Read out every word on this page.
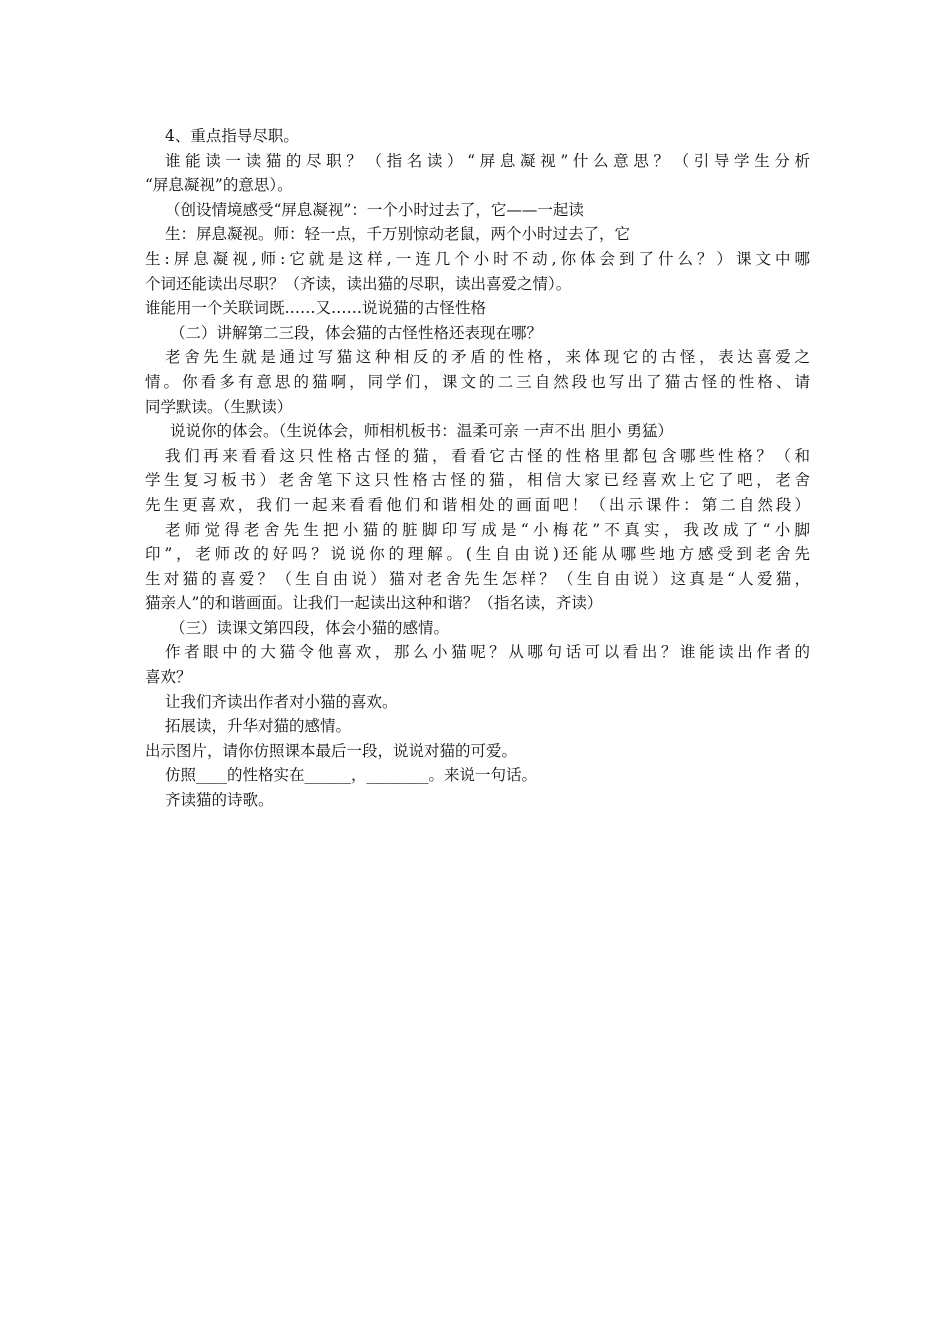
4、重点指导尽职。
谁能读一读猫的尽职？（指名读）“屏息凝视”什么意思？（引导学生分析
“屏息凝视”的意思）。
（创设情境感受“屏息凝视”：一个小时过去了，它——一起读
生：屏息凝视。师：轻一点，千万别惊动老鼠，两个小时过去了，它
生:屏息凝视,师:它就是这样,一连几个小时不动,你体会到了什么？）课文中哪
个词还能读出尽职？（齐读，读出猫的尽职，读出喜爱之情）。
谁能用一个关联词既……又……说说猫的古怪性格
（二）讲解第二三段，体会猫的古怪性格还表现在哪？
老舍先生就是通过写猫这种相反的矛盾的性格，来体现它的古怪，表达喜爱之
情。你看多有意思的猫啊，同学们，课文的二三自然段也写出了猫古怪的性格、请
同学默读。（生默读）
说说你的体会。（生说体会，师相机板书：温柔可亲 一声不出 胆小 勇猛）
我们再来看看这只性格古怪的猫，看看它古怪的性格里都包含哪些性格？（和
学生复习板书）老舍笔下这只性格古怪的猫，相信大家已经喜欢上它了吧，老舍
先生更喜欢，我们一起来看看他们和谐相处的画面吧！（出示课件：第二自然段）
老师觉得老舍先生把小猫的脏脚印写成是“小梅花”不真实，我改成了“小脚
印”，老师改的好吗？说说你的理解。(生自由说)还能从哪些地方感受到老舍先
生对猫的喜爱？（生自由说）猫对老舍先生怎样？（生自由说）这真是“人爱猫，
猫亲人”的和谐画面。让我们一起读出这种和谐？（指名读，齐读）
（三）读课文第四段，体会小猫的感情。
作者眼中的大猫令他喜欢，那么小猫呢？从哪句话可以看出？谁能读出作者的
喜欢？
让我们齐读出作者对小猫的喜欢。
拓展读，升华对猫的感情。
出示图片，请你仿照课本最后一段，说说对猫的可爱。
仿照____的性格实在______，________。来说一句话。
齐读猫的诗歌。
